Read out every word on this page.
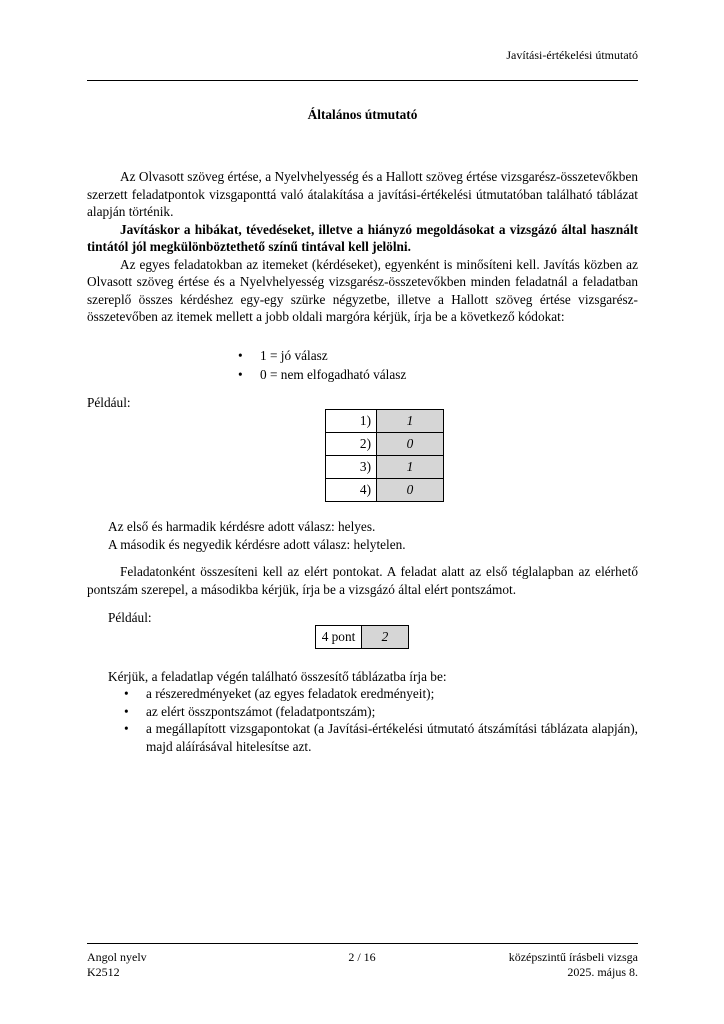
Javítási-értékelési útmutató
Általános útmutató

Az Olvasott szöveg értése, a Nyelvhelyesség és a Hallott szöveg értése vizsgarész-összetevőkben szerzett feladatpontok vizsgaponttá való átalakítása a javítási-értékelési útmutatóban található táblázat alapján történik.

Javításkor a hibákat, tévedéseket, illetve a hiányzó megoldásokat a vizsgázó által használt tintától jól megkülönböztethető színű tintával kell jelölni.

Az egyes feladatokban az itemeket (kérdéseket), egyenként is minősíteni kell. Javítás közben az Olvasott szöveg értése és a Nyelvhelyesség vizsgarész-összetevőkben minden feladatnál a feladatban szereplő összes kérdéshez egy-egy szürke négyzetbe, illetve a Hallott szöveg értése vizsgarész-összetevőben az itemek mellett a jobb oldali margóra kérjük, írja be a következő kódokat:

• 1 = jó válasz
• 0 = nem elfogadható válasz
Például:
1)	1
2)	0
3)	1
4)	0
Az első és harmadik kérdésre adott válasz: helyes.
A második és negyedik kérdésre adott válasz: helytelen.

Feladatonként összesíteni kell az elért pontokat. A feladat alatt az első téglalapban az elérhető pontszám szerepel, a másodikba kérjük, írja be a vizsgázó által elért pontszámot.

Például:
4 pont	2
Kérjük, a feladatlap végén található összesítő táblázatba írja be:
• a részeredményeket (az egyes feladatok eredményeit);
• az elért összpontszámot (feladatpontszám);
• a megállapított vizsgapontokat (a Javítási-értékelési útmutató átszámítási táblázata alapján), majd aláírásával hitelesítse azt.
Angol nyelv
K2512
2 / 16	középszintű írásbeli vizsga
2025. május 8.
